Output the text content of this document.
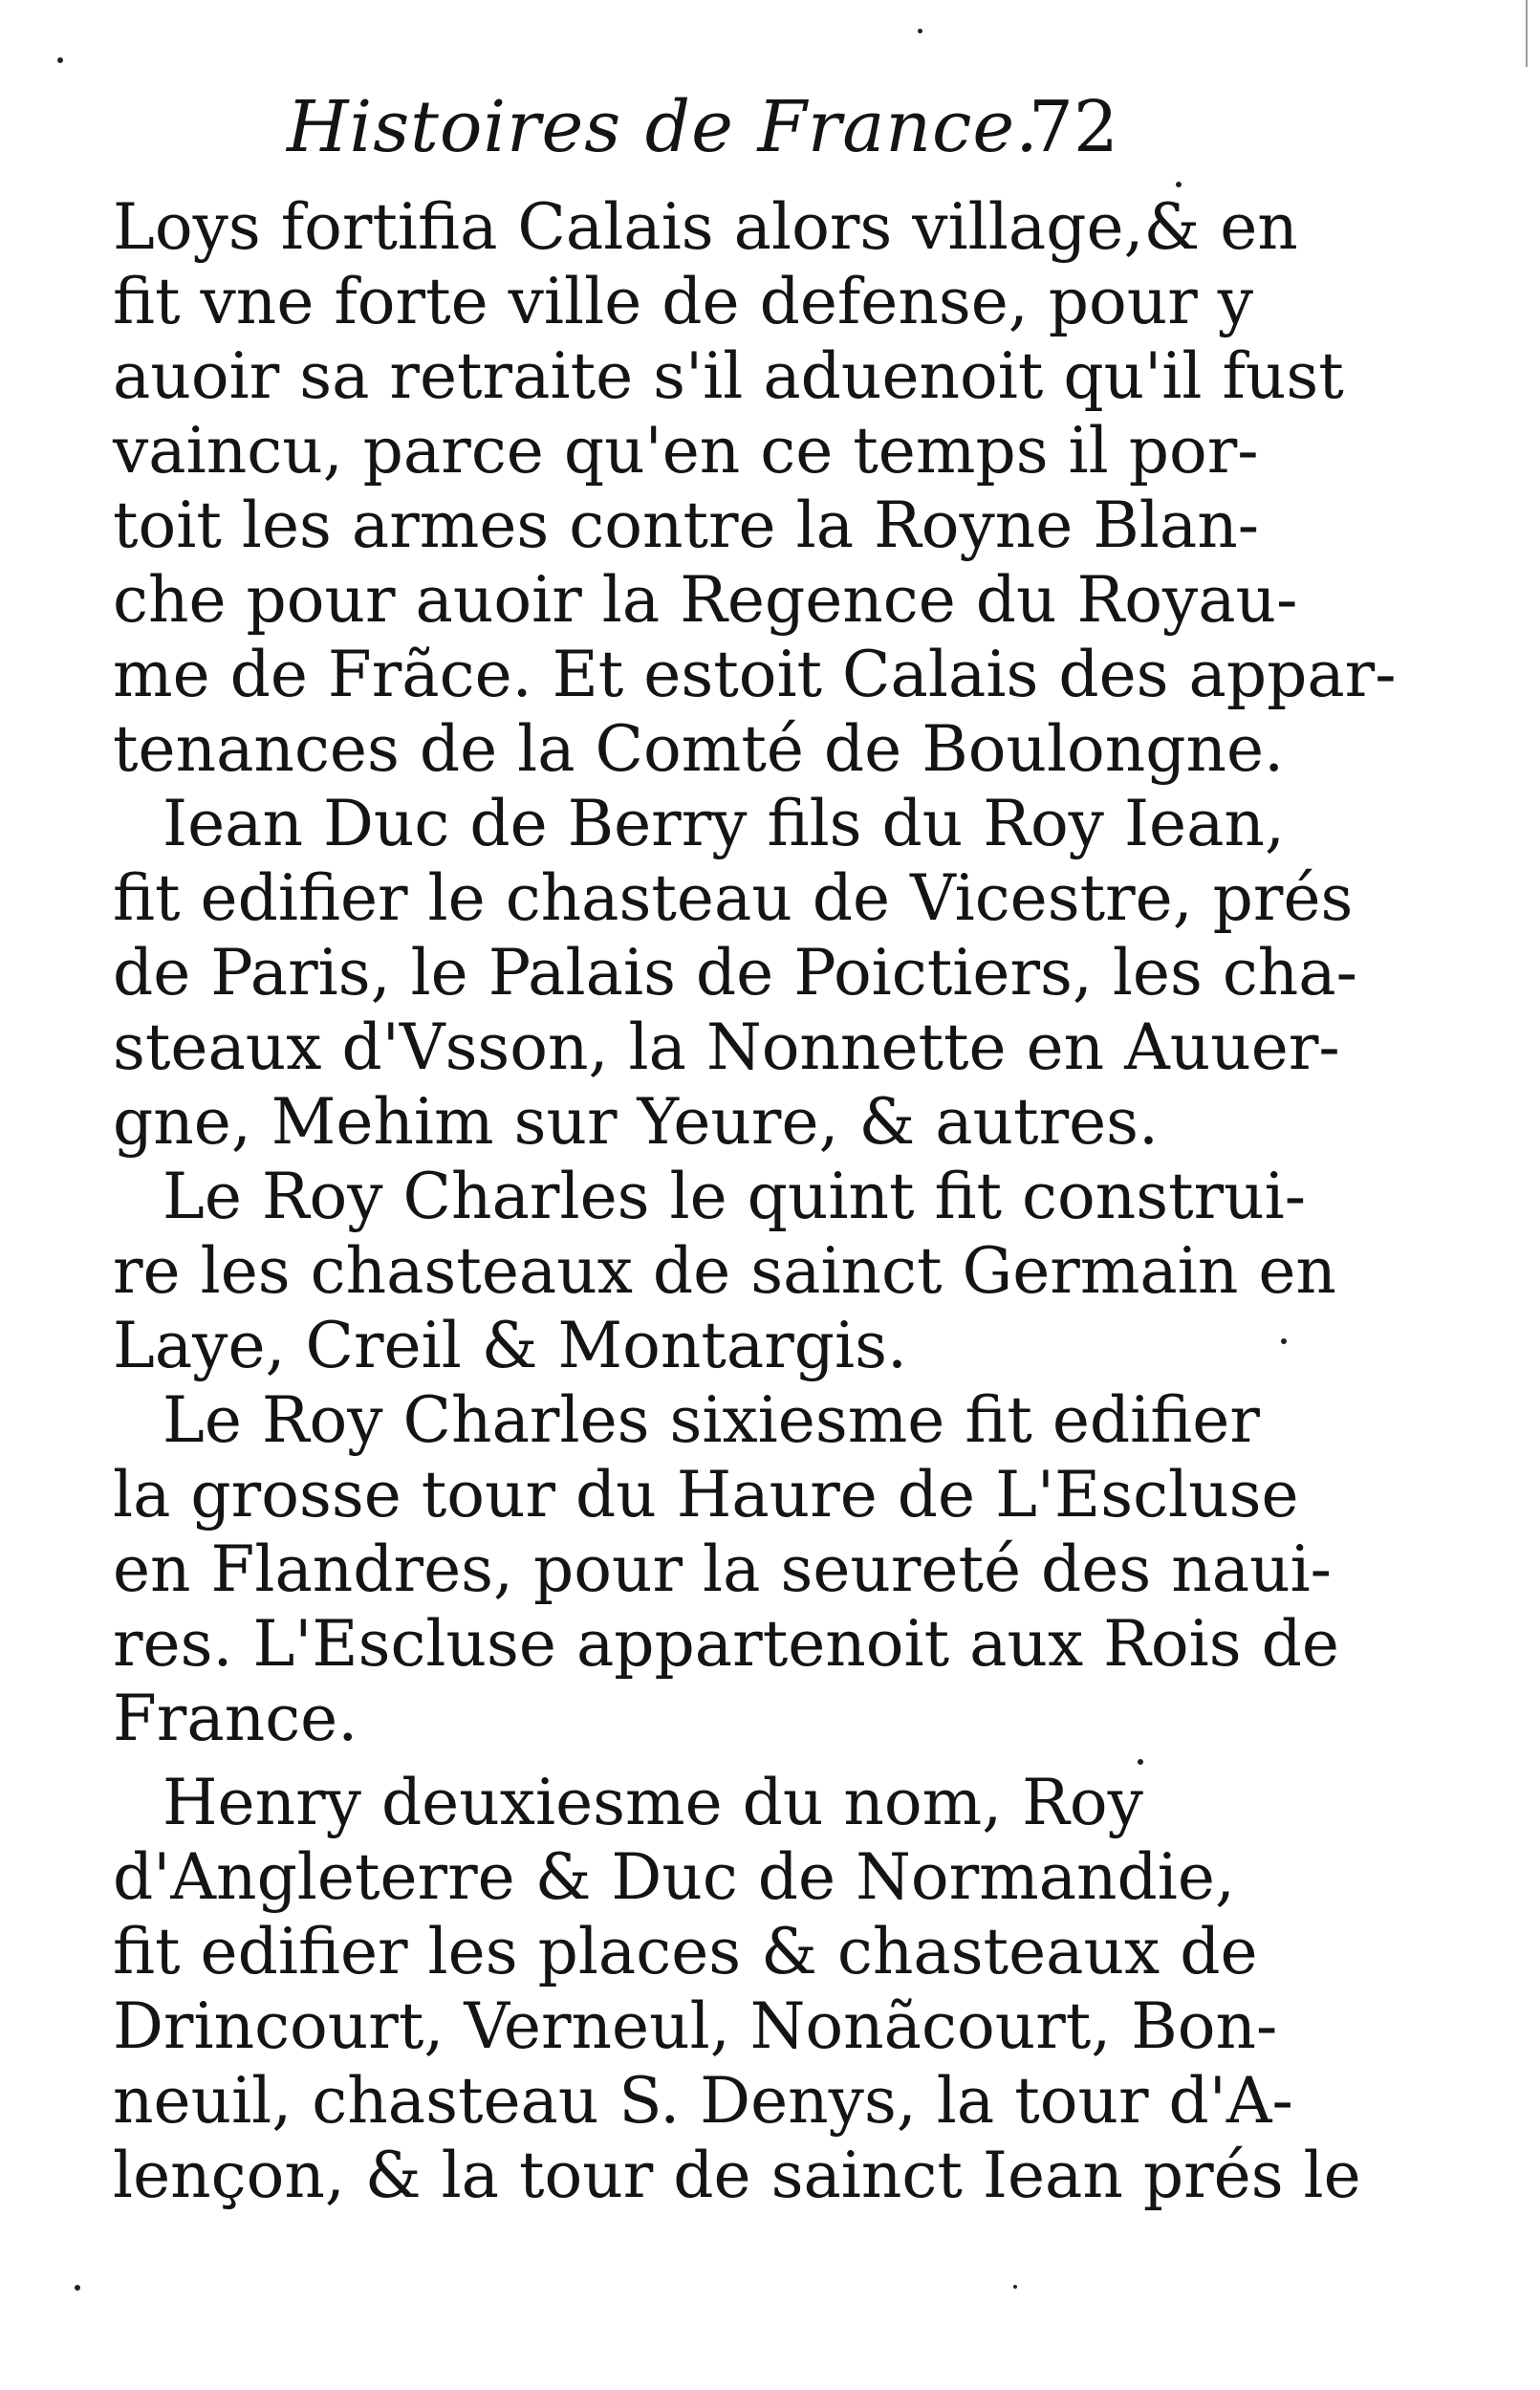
Histoires de France.
72
Loys fortifia Calais alors village,& en
fit vne forte ville de defense, pour y
auoir sa retraite s'il aduenoit qu'il fust
vaincu, parce qu'en ce temps il por-
toit les armes contre la Royne Blan-
che pour auoir la Regence du Royau-
me de Frãce. Et estoit Calais des appar-
tenances de la Comté de Boulongne.
Iean Duc de Berry fils du Roy Iean,
fit edifier le chasteau de Vicestre, prés
de Paris, le Palais de Poictiers, les cha-
steaux d'Vsson, la Nonnette en Auuer-
gne, Mehim sur Yeure, & autres.
Le Roy Charles le quint fit construi-
re les chasteaux de sainct Germain en
Laye, Creil & Montargis.
Le Roy Charles sixiesme fit edifier
la grosse tour du Haure de L'Escluse
en Flandres, pour la seureté des naui-
res. L'Escluse appartenoit aux Rois de
France.
Henry deuxiesme du nom, Roy
d'Angleterre & Duc de Normandie,
fit edifier les places & chasteaux de
Drincourt, Verneul, Nonãcourt, Bon-
neuil, chasteau S. Denys, la tour d'A-
lençon, & la tour de sainct Iean prés le
